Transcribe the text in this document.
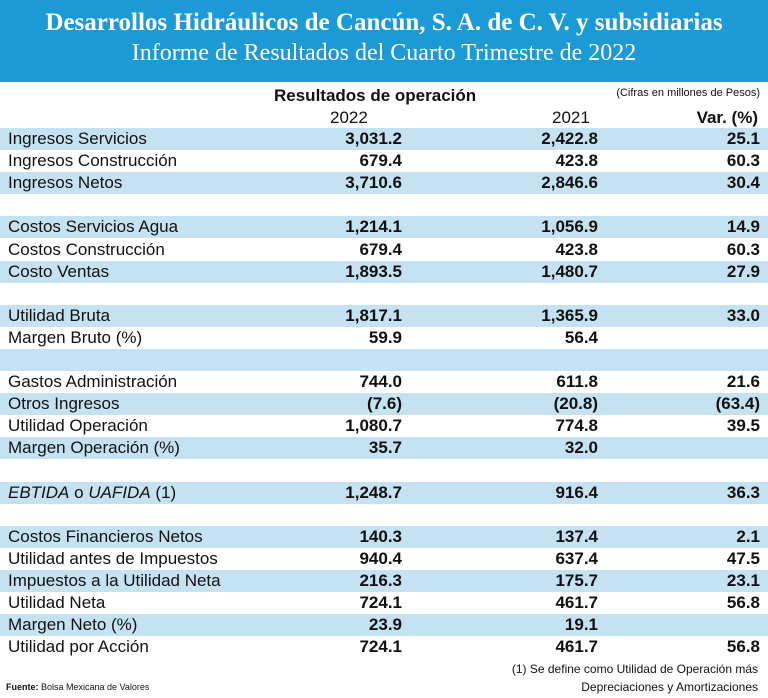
Desarrollos Hidráulicos de Cancún, S. A. de C. V. y subsidiarias
Informe de Resultados del Cuarto Trimestre de 2022
Resultados de operación	(Cifras en millones de Pesos)
2022	2021	Var. (%)
Ingresos Servicios	3,031.2	2,422.8	25.1
Ingresos Construcción	679.4	423.8	60.3
Ingresos Netos	3,710.6	2,846.6	30.4

Costos Servicios Agua	1,214.1	1,056.9	14.9
Costos Construcción	679.4	423.8	60.3
Costo Ventas	1,893.5	1,480.7	27.9

Utilidad Bruta	1,817.1	1,365.9	33.0
Margen Bruto (%)	59.9	56.4	

Gastos Administración	744.0	611.8	21.6
Otros Ingresos	(7.6)	(20.8)	(63.4)
Utilidad Operación	1,080.7	774.8	39.5
Margen Operación (%)	35.7	32.0	

EBTIDA o UAFIDA (1)	1,248.7	916.4	36.3

Costos Financieros Netos	140.3	137.4	2.1
Utilidad antes de Impuestos	940.4	637.4	47.5
Impuestos a la Utilidad Neta	216.3	175.7	23.1
Utilidad Neta	724.1	461.7	56.8
Margen Neto (%)	23.9	19.1	
Utilidad por Acción	724.1	461.7	56.8
Fuente: Bolsa Mexicana de Valores
(1) Se define como Utilidad de Operación más
Depreciaciones y Amortizaciones
